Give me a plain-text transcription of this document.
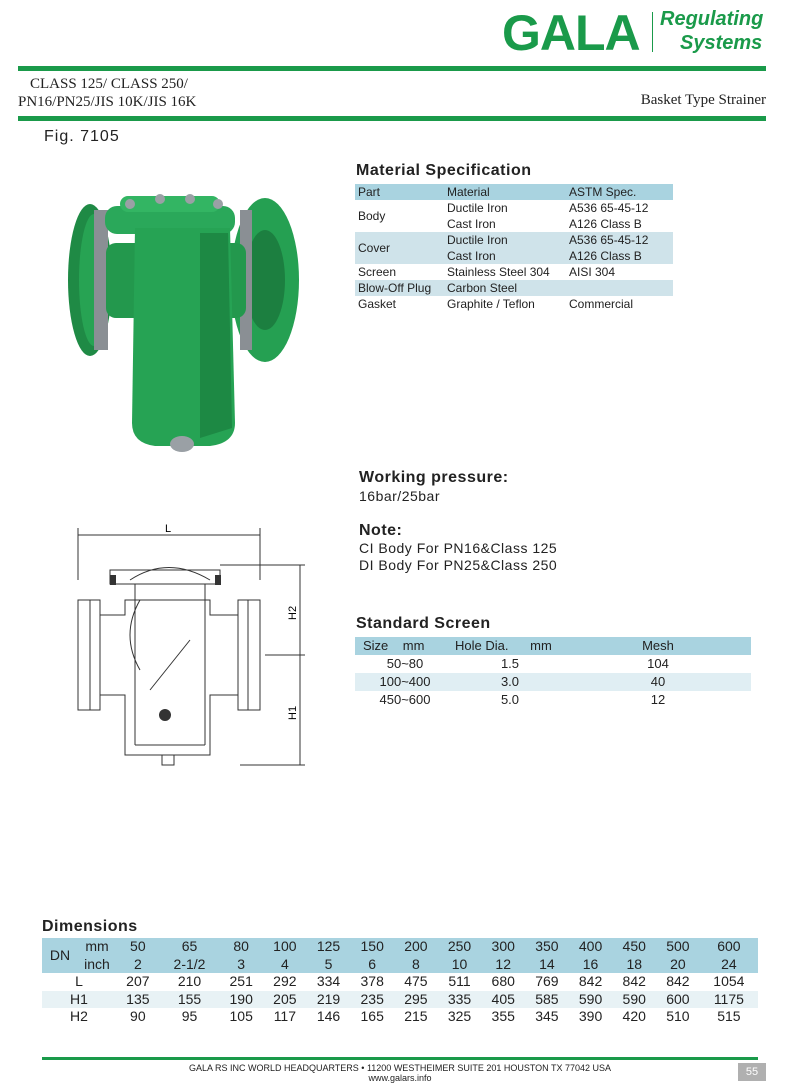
GALA Regulating
Systems
CLASS 125/ CLASS 250/
PN16/PN25/JIS 10K/JIS 16K	Basket Type Strainer
Fig. 7105
L
H2
H1
Material Specification
Part	Material	ASTM Spec.
Body	Ductile Iron	A536 65-45-12
	Cast Iron	A126 Class B
Cover	Ductile Iron	A536 65-45-12
	Cast Iron	A126 Class B
Screen	Stainless Steel 304	AISI 304
Blow-Off Plug	Carbon Steel	
Gasket	Graphite / Teflon	Commercial
Working pressure:
16bar/25bar
Note:
CI Body For PN16&Class 125
DI Body For PN25&Class 250
Standard Screen
Size    mm	Hole Dia.      mm	Mesh
50~80	1.5	104
100~400	3.0	40
450~600	5.0	12
Dimensions
DN	mm	50	65	80	100	125	150	200	250	300	350	400	450	500	600
	inch	2	2-1/2	3	4	5	6	8	10	12	14	16	18	20	24
L		207	210	251	292	334	378	475	511	680	769	842	842	842	1054
H1		135	155	190	205	219	235	295	335	405	585	590	590	600	1175
H2		90	95	105	117	146	165	215	325	355	345	390	420	510	515
GALA RS INC WORLD HEADQUARTERS • 11200 WESTHEIMER SUITE 201 HOUSTON TX 77042 USA
www.galars.info	55
